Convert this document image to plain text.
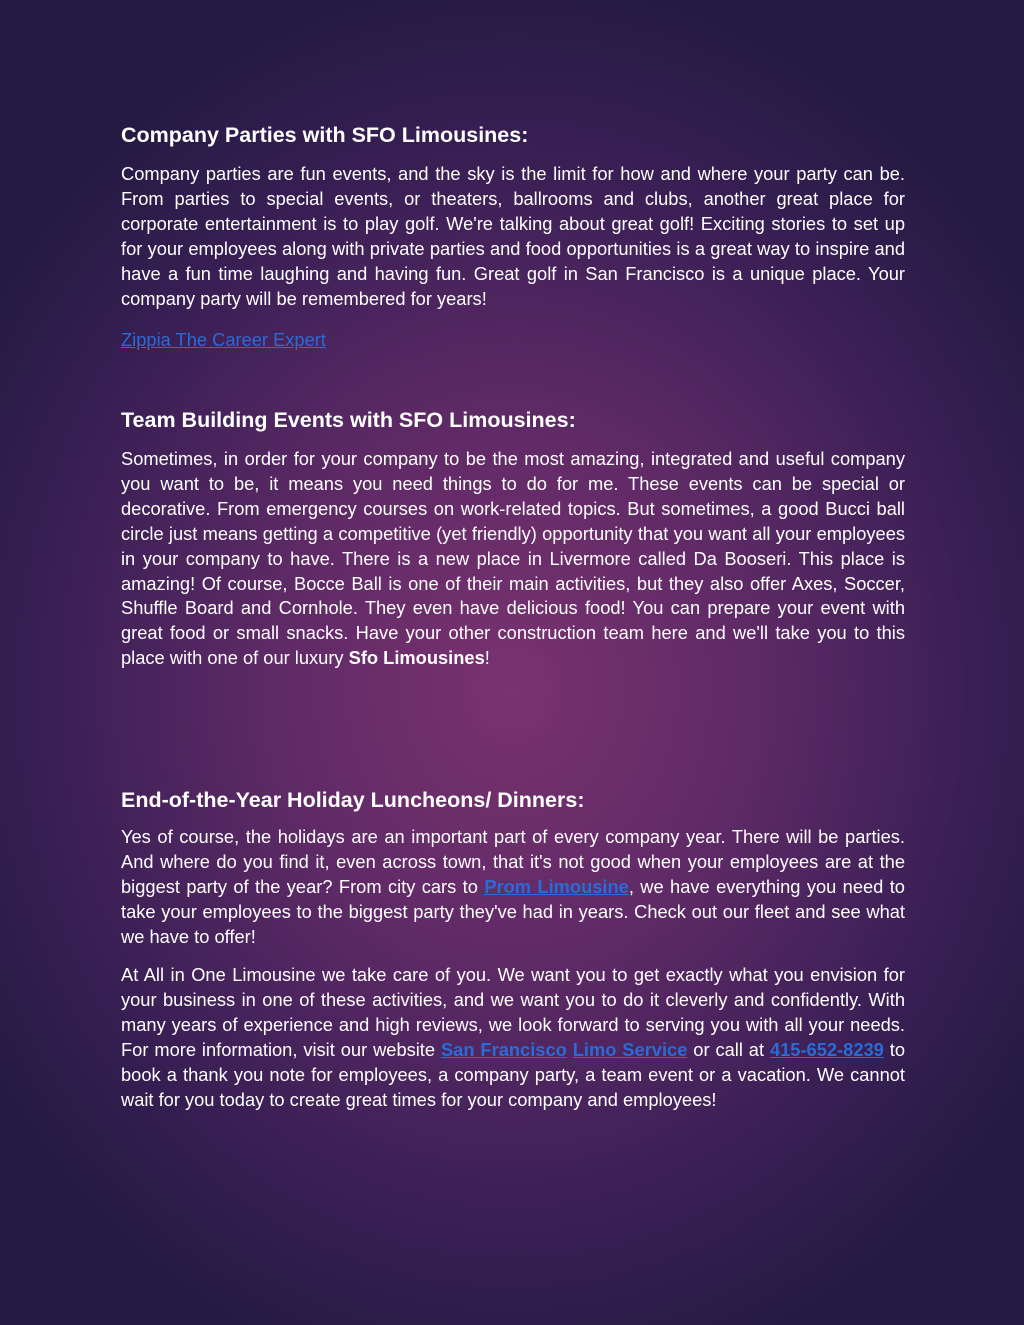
Company Parties with SFO Limousines:

Company parties are fun events, and the sky is the limit for how and where your party can be. From parties to special events, or theaters, ballrooms and clubs, another great place for corporate entertainment is to play golf. We're talking about great golf! Exciting stories to set up for your employees along with private parties and food opportunities is a great way to inspire and have a fun time laughing and having fun. Great golf in San Francisco is a unique place. Your company party will be remembered for years!

Zippia The Career Expert
Team Building Events with SFO Limousines:

Sometimes, in order for your company to be the most amazing, integrated and useful company you want to be, it means you need things to do for me. These events can be special or decorative. From emergency courses on work-related topics. But sometimes, a good Bucci ball circle just means getting a competitive (yet friendly) opportunity that you want all your employees in your company to have. There is a new place in Livermore called Da Booseri. This place is amazing! Of course, Bocce Ball is one of their main activities, but they also offer Axes, Soccer, Shuffle Board and Cornhole. They even have delicious food! You can prepare your event with great food or small snacks. Have your other construction team here and we'll take you to this place with one of our luxury Sfo Limousines!

End-of-the-Year Holiday Luncheons/ Dinners:

Yes of course, the holidays are an important part of every company year. There will be parties. And where do you find it, even across town, that it's not good when your employees are at the biggest party of the year? From city cars to Prom Limousine, we have everything you need to take your employees to the biggest party they've had in years. Check out our fleet and see what we have to offer!

At All in One Limousine we take care of you. We want you to get exactly what you envision for your business in one of these activities, and we want you to do it cleverly and confidently. With many years of experience and high reviews, we look forward to serving you with all your needs. For more information, visit our website San Francisco Limo Service or call at 415-652-8239 to book a thank you note for employees, a company party, a team event or a vacation. We cannot wait for you today to create great times for your company and employees!
